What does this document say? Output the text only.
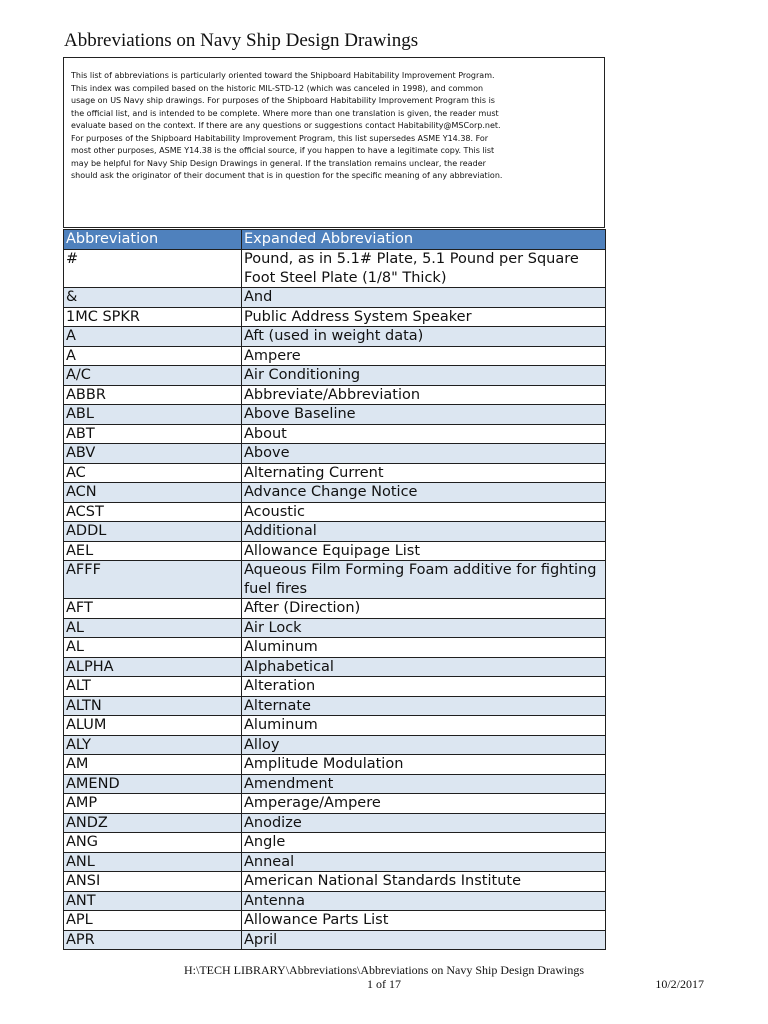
Abbreviations on Navy Ship Design Drawings
This list of abbreviations is particularly oriented toward the Shipboard Habitability Improvement Program.
This index was compiled based on the historic MIL-STD-12 (which was canceled in 1998), and common
usage on US Navy ship drawings. For purposes of the Shipboard Habitability Improvement Program this is
the official list, and is intended to be complete. Where more than one translation is given, the reader must
evaluate based on the context. If there are any questions or suggestions contact Habitability@MSCorp.net.
For purposes of the Shipboard Habitability Improvement Program, this list supersedes ASME Y14.38. For
most other purposes, ASME Y14.38 is the official source, if you happen to have a legitimate copy. This list
may be helpful for Navy Ship Design Drawings in general. If the translation remains unclear, the reader
should ask the originator of their document that is in question for the specific meaning of any abbreviation.
Abbreviation	Expanded Abbreviation
#	Pound, as in 5.1# Plate, 5.1 Pound per Square Foot Steel Plate (1/8" Thick)
&	And
1MC SPKR	Public Address System Speaker
A	Aft (used in weight data)
A	Ampere
A/C	Air Conditioning
ABBR	Abbreviate/Abbreviation
ABL	Above Baseline
ABT	About
ABV	Above
AC	Alternating Current
ACN	Advance Change Notice
ACST	Acoustic
ADDL	Additional
AEL	Allowance Equipage List
AFFF	Aqueous Film Forming Foam additive for fighting fuel fires
AFT	After (Direction)
AL	Air Lock
AL	Aluminum
ALPHA	Alphabetical
ALT	Alteration
ALTN	Alternate
ALUM	Aluminum
ALY	Alloy
AM	Amplitude Modulation
AMEND	Amendment
AMP	Amperage/Ampere
ANDZ	Anodize
ANG	Angle
ANL	Anneal
ANSI	American National Standards Institute
ANT	Antenna
APL	Allowance Parts List
APR	April
H:\TECH LIBRARY\Abbreviations\Abbreviations on Navy Ship Design Drawings
1 of 17	10/2/2017
